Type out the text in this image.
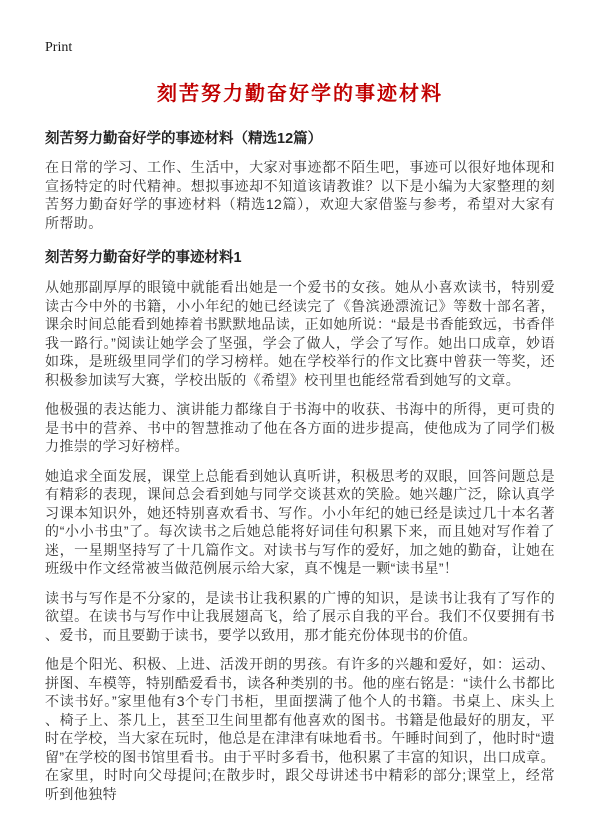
Print
刻苦努力勤奋好学的事迹材料
刻苦努力勤奋好学的事迹材料（精选12篇）

在日常的学习、工作、生活中，大家对事迹都不陌生吧，事迹可以很好地体现和宣扬特定的时代精神。想拟事迹却不知道该请教谁？以下是小编为大家整理的刻苦努力勤奋好学的事迹材料（精选12篇），欢迎大家借鉴与参考，希望对大家有所帮助。

刻苦努力勤奋好学的事迹材料1

从她那副厚厚的眼镜中就能看出她是一个爱书的女孩。她从小喜欢读书，特别爱读古今中外的书籍，小小年纪的她已经读完了《鲁滨逊漂流记》等数十部名著，课余时间总能看到她捧着书默默地品读，正如她所说：“最是书香能致远，书香伴我一路行。”阅读让她学会了坚强，学会了做人，学会了写作。她出口成章，妙语如珠，是班级里同学们的学习榜样。她在学校举行的作文比赛中曾获一等奖，还积极参加读写大赛，学校出版的《希望》校刊里也能经常看到她写的文章。

他极强的表达能力、演讲能力都缘自于书海中的收获、书海中的所得，更可贵的是书中的营养、书中的智慧推动了他在各方面的进步提高，使他成为了同学们极力推崇的学习好榜样。

她追求全面发展，课堂上总能看到她认真听讲，积极思考的双眼，回答问题总是有精彩的表现，课间总会看到她与同学交谈甚欢的笑脸。她兴趣广泛，除认真学习课本知识外，她还特别喜欢看书、写作。小小年纪的她已经是读过几十本名著的“小小书虫”了。每次读书之后她总能将好词佳句积累下来，而且她对写作着了迷，一星期坚持写了十几篇作文。对读书与写作的爱好，加之她的勤奋，让她在班级中作文经常被当做范例展示给大家，真不愧是一颗“读书星”！

读书与写作是不分家的，是读书让我积累的广博的知识，是读书让我有了写作的欲望。在读书与写作中让我展翅高飞，给了展示自我的平台。我们不仅要拥有书、爱书，而且要勤于读书，要学以致用，那才能充份体现书的价值。

他是个阳光、积极、上进、活泼开朗的男孩。有许多的兴趣和爱好，如：运动、拼图、车模等，特别酷爱看书，读各种类别的书。他的座右铭是：“读什么书都比不读书好。”家里他有3个专门书柜，里面摆满了他个人的书籍。书桌上、床头上、椅子上、茶几上，甚至卫生间里都有他喜欢的图书。书籍是他最好的朋友，平时在学校，当大家在玩时，他总是在津津有味地看书。午睡时间到了，他时时“遗留”在学校的图书馆里看书。由于平时多看书，他积累了丰富的知识，出口成章。在家里，时时向父母提问;在散步时，跟父母讲述书中精彩的部分;课堂上，经常听到他独特
